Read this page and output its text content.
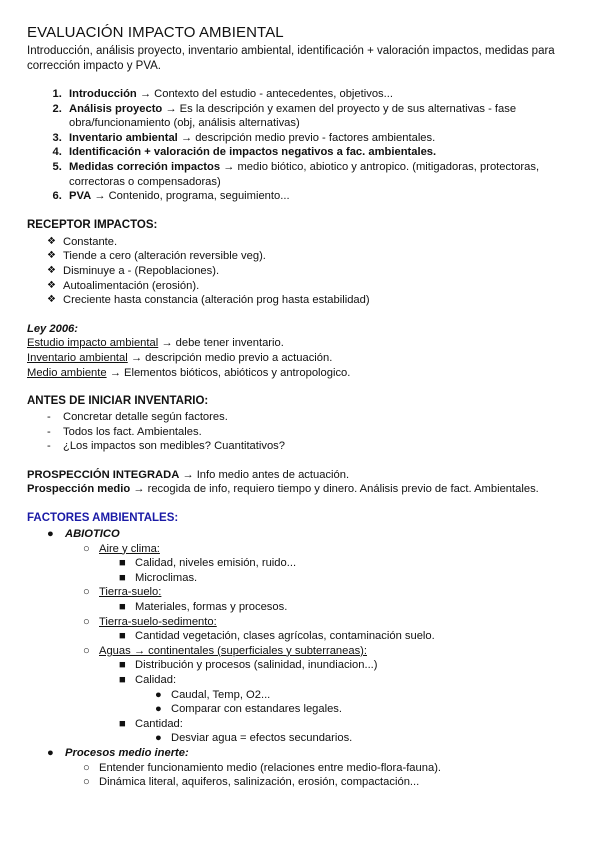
EVALUACIÓN IMPACTO AMBIENTAL

Introducción, análisis proyecto, inventario ambiental, identificación + valoración impactos, medidas para corrección impacto y PVA.

1. Introducción → Contexto del estudio - antecedentes, objetivos...
2. Análisis proyecto → Es la descripción y examen del proyecto y de sus alternativas - fase obra/funcionamiento (obj, análisis alternativas)
3. Inventario ambiental → descripción medio previo - factores ambientales.
4. Identificación + valoración de impactos negativos a fac. ambientales.
5. Medidas correción impactos → medio biótico, abiotico y antropico. (mitigadoras, protectoras, correctoras o compensadoras)
6. PVA → Contenido, programa, seguimiento...
RECEPTOR IMPACTOS:
❖ Constante.
❖ Tiende a cero (alteración reversible veg).
❖ Disminuye a - (Repoblaciones).
❖ Autoalimentación (erosión).
❖ Creciente hasta constancia (alteración prog hasta estabilidad)
Ley 2006:
Estudio impacto ambiental → debe tener inventario.
Inventario ambiental → descripción medio previo a actuación.
Medio ambiente → Elementos bióticos, abióticos y antropologico.
ANTES DE INICIAR INVENTARIO:
- Concretar detalle según factores.
- Todos los fact. Ambientales.
- ¿Los impactos son medibles? Cuantitativos?
PROSPECCIÓN INTEGRADA → Info medio antes de actuación.
Prospección medio → recogida de info, requiero tiempo y dinero. Análisis previo de fact. Ambientales.
FACTORES AMBIENTALES:
● ABIOTICO
○ Aire y clima:
■ Calidad, niveles emisión, ruido...
■ Microclimas.
○ Tierra-suelo:
■ Materiales, formas y procesos.
○ Tierra-suelo-sedimento:
■ Cantidad vegetación, clases agrícolas, contaminación suelo.
○ Aguas → continentales (superficiales y subterraneas):
■ Distribución y procesos (salinidad, inundiacion...)
■ Calidad:
● Caudal, Temp, O2...
● Comparar con estandares legales.
■ Cantidad:
● Desviar agua = efectos secundarios.
● Procesos medio inerte:
○ Entender funcionamiento medio (relaciones entre medio-flora-fauna).
○ Dinámica literal, aquiferos, salinización, erosión, compactación...
